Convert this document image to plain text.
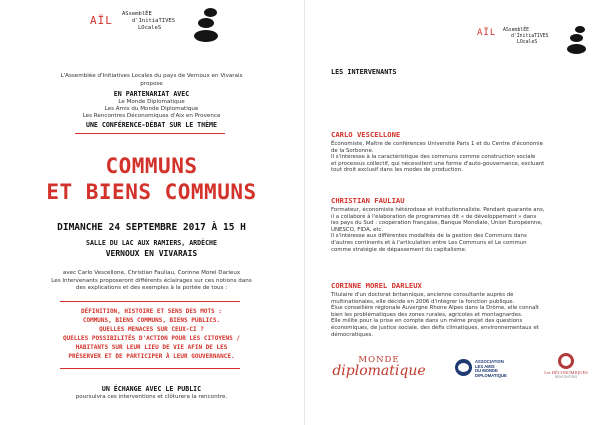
AÏL ASsemblÉE
d'InitiaTIVES
LOcaleS
L'Assemblée d'Initiatives Locales du pays de Vernoux en Vivarais
propose
EN PARTENARIAT AVEC
Le Monde Diplomatique
Les Amis du Monde Diplomatique
Les Rencontres Déconomiques d'Aix en Provence
UNE CONFÉRENCE-DÉBAT SUR LE THÈME
COMMUNS
ET BIENS COMMUNS
DIMANCHE 24 SEPTEMBRE 2017 À 15 H
SALLE DU LAC AUX RAMIERS, ARDÈCHE
VERNOUX EN VIVARAIS
avec Carlo Vescellone, Christian Fauliau, Corinne Morel Darleux
Les Intervenants proposeront différents éclairages sur ces notions dans
des explications et des exemples à la portée de tous :
DÉFINITION, HISTOIRE ET SENS DES MOTS :
COMMUNS, BIENS COMMUNS, BIENS PUBLICS.
QUELLES MENACES SUR CEUX-CI ?
QUELLES POSSIBILITÉS D'ACTION POUR LES CITOYENS /
HABITANTS SUR LEUR LIEU DE VIE AFIN DE LES
PRÉSERVER ET DE PARTICIPER À LEUR GOUVERNANCE.
UN ÉCHANGE AVEC LE PUBLIC
poursuivra ces interventions et clôturera la rencontre.
AÏL ASsemblÉE
d'InitiaTIVES
LOcaleS
LES INTERVENANTS
CARLO VESCELLONE
Économiste, Maître de conférences Université Paris 1 et du Centre d'économie
de la Sorbonne.
Il s'intéresse à la caractéristique des communs comme construction sociale
et processus collectif, qui nécessitent une forme d'auto-gouvernance, excluant
tout droit exclusif dans les modes de production.
CHRISTIAN FAULIAU
Formateur, économiste hétérodoxe et institutionnaliste. Pendant quarante ans,
il a collaboré à l'élaboration de programmes dit « de développement » dans
les pays du Sud : coopération française, Banque Mondiale, Union Européenne,
UNESCO, FIDA, etc.
Il s'intéresse aux différentes modalités de la gestion des Communs dans
d'autres continents et à l'articulation entre Les Communs et Le commun
comme stratégie de dépassement du capitalisme.
CORINNE MOREL DARLEUX
Titulaire d'un doctorat britannique, ancienne consultante auprès de
multinationales, elle décide en 2006 d'intégrer la fonction publique.
Élue conseillère régionale Auvergne Rhone Alpes dans la Drôme, elle connaît
bien les problématiques des zones rurales, agricoles et montagnardes.
Elle milite pour la prise en compte dans un même projet des questions
économiques, de justice sociale, des défis climatiques, environnementaux et
démocratiques.
MONDE
diplomatique
ASSOCIATION
LES AMIS
DU MONDE
DIPLOMATIQUE
Les DÉCONOMIQUES
RENCONTRES
